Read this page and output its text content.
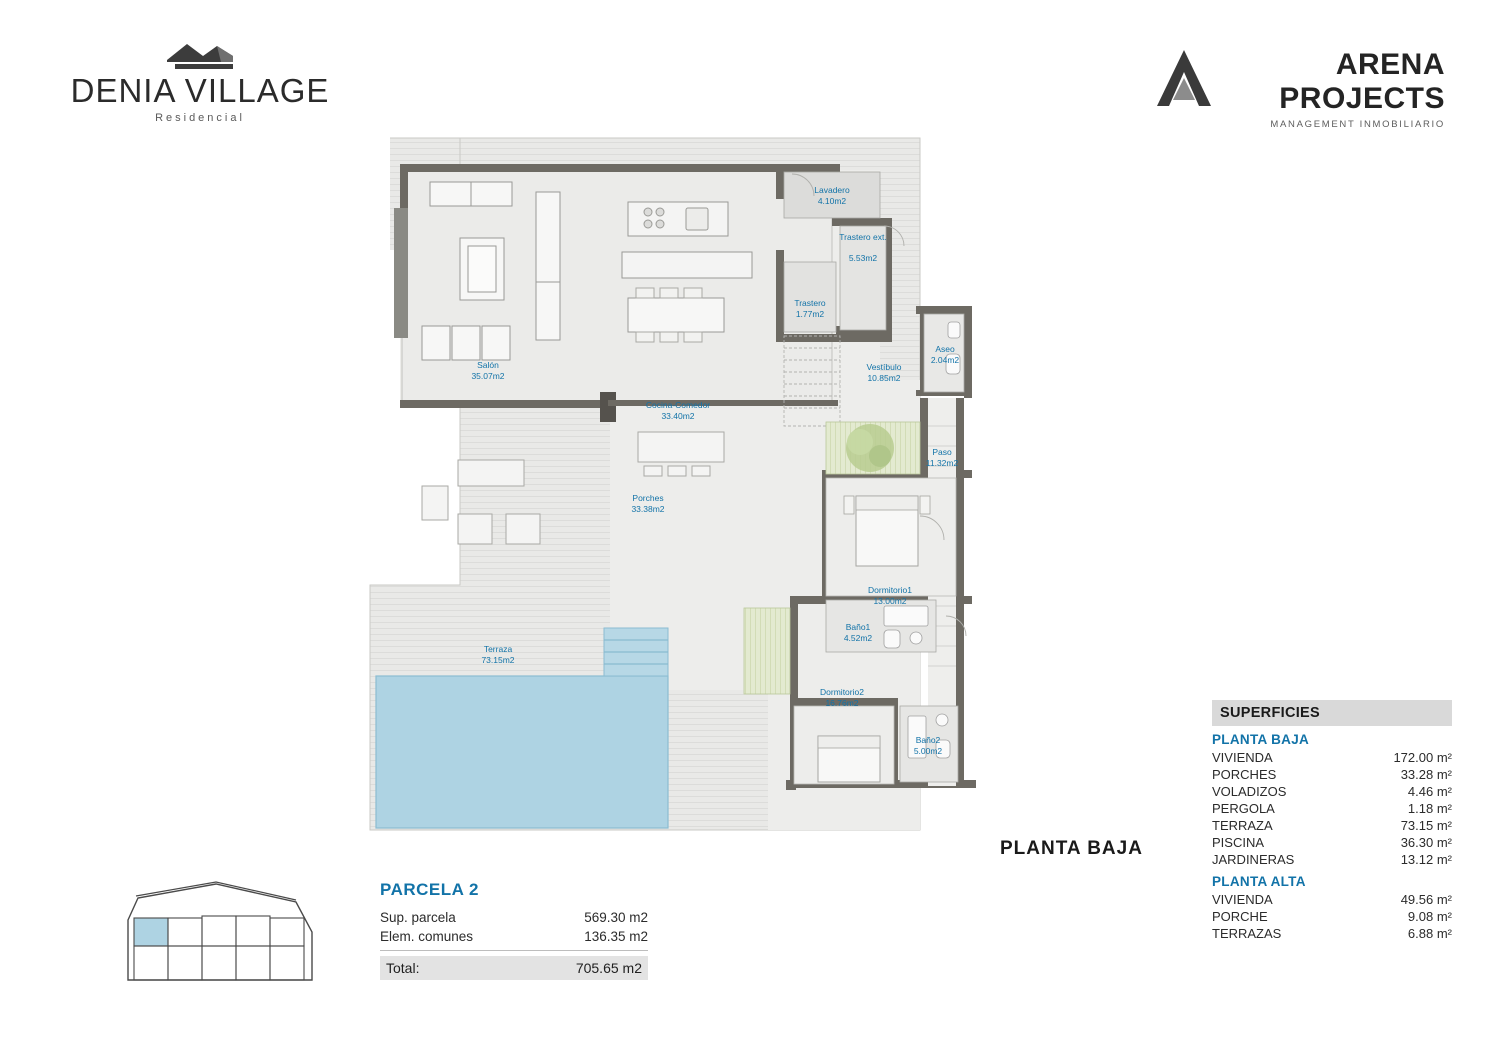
DENIA VILLAGE
Residencial
ARENA PROJECTS
MANAGEMENT INMOBILIARIO
Salón
35.07m2
Cocina-Comedor
33.40m2
Lavadero
4.10m2
Trastero ext.
5.53m2
Trastero
1.77m2
Vestíbulo
10.85m2
Aseo
2.04m2
Paso
11.32m2
Porches
33.38m2
Dormitorio1
13.00m2
Baño1
4.52m2
Dormitorio2
16.76m2
Baño2
5.00m2
Terraza
73.15m2
PLANTA BAJA
SUPERFICIES
PLANTA BAJA
VIVIENDA	172.00 m²
PORCHES	33.28 m²
VOLADIZOS	4.46 m²
PERGOLA	1.18 m²
TERRAZA	73.15 m²
PISCINA	36.30 m²
JARDINERAS	13.12 m²
PLANTA ALTA
VIVIENDA	49.56 m²
PORCHE	9.08 m²
TERRAZAS	6.88 m²
PARCELA 2
Sup. parcela	569.30 m2
Elem. comunes	136.35 m2
Total:	705.65 m2
